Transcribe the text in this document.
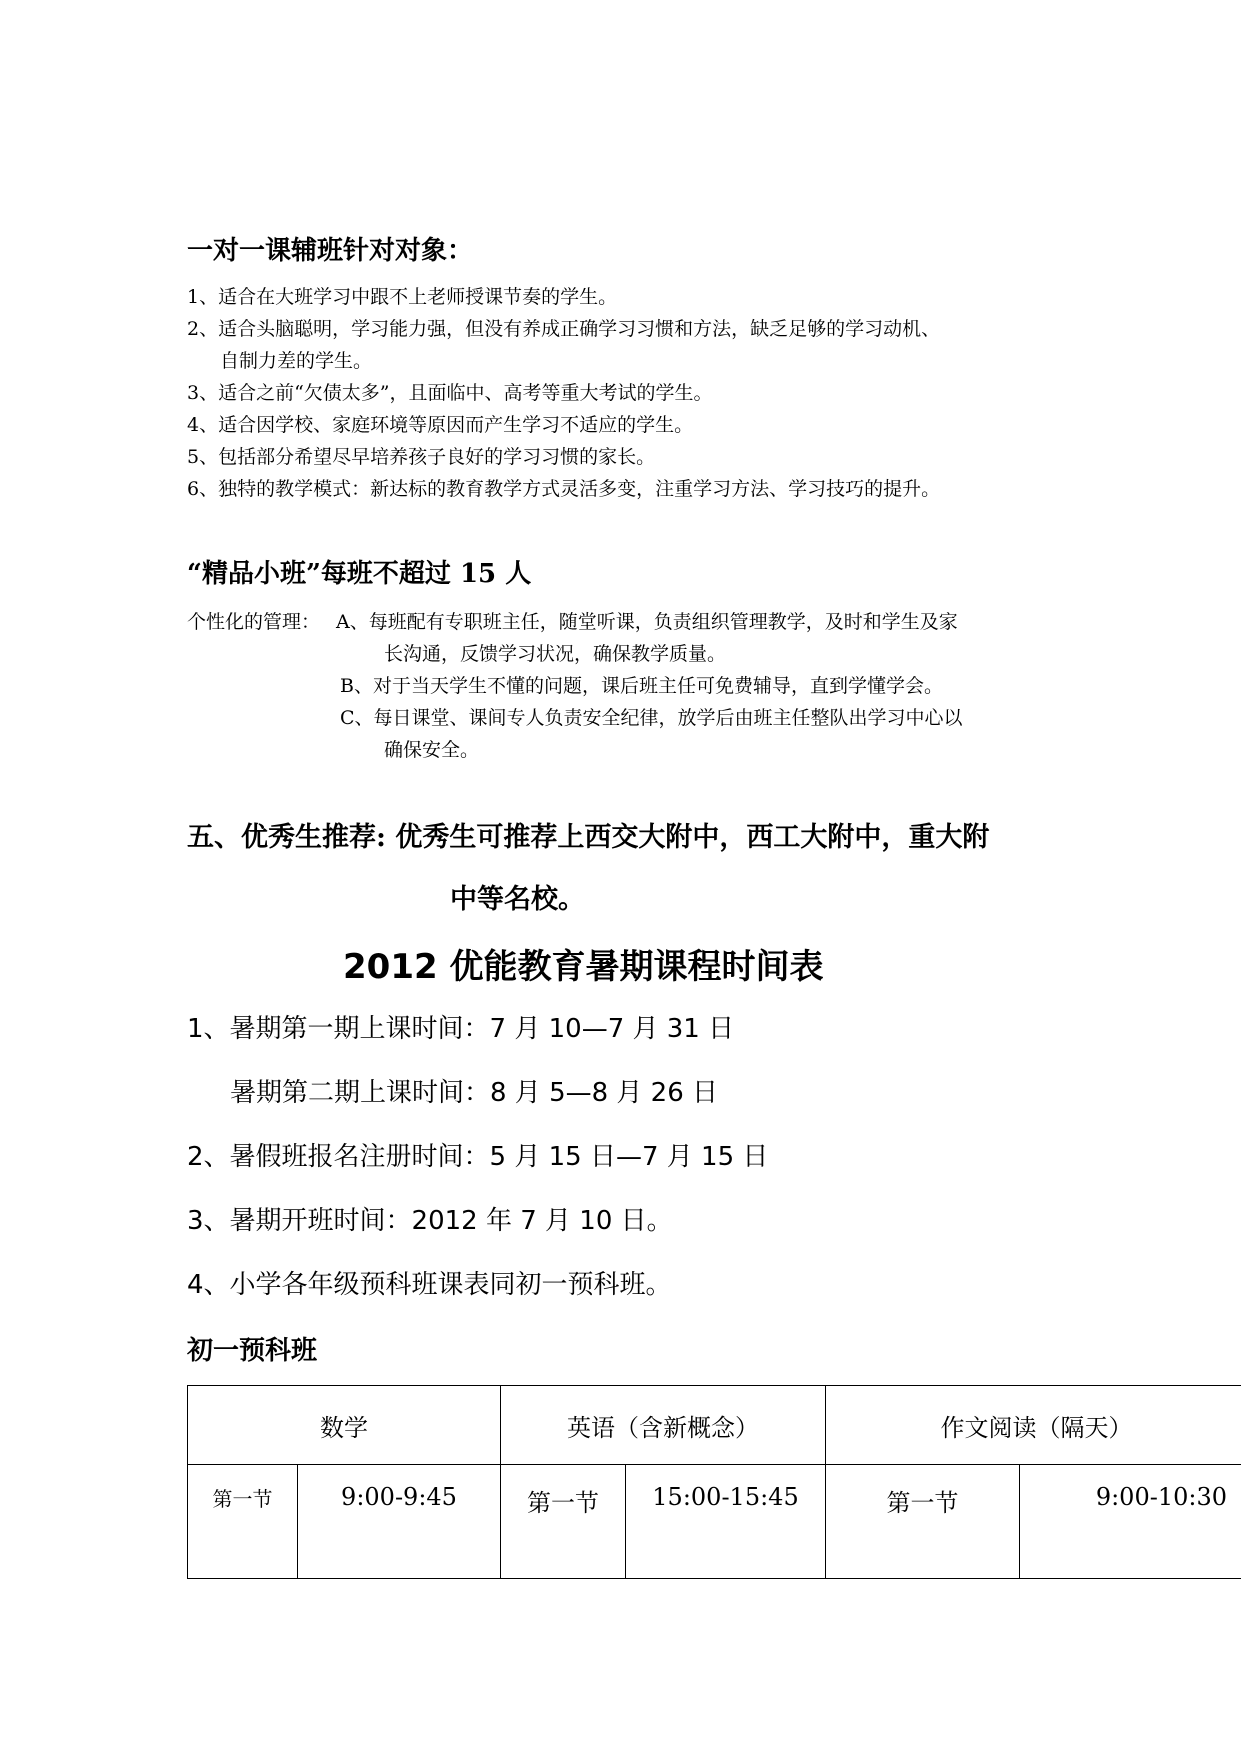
一对一课辅班针对对象：
1、适合在大班学习中跟不上老师授课节奏的学生。
2、适合头脑聪明，学习能力强，但没有养成正确学习习惯和方法，缺乏足够的学习动机、
自制力差的学生。
3、适合之前“欠债太多”，且面临中、高考等重大考试的学生。
4、适合因学校、家庭环境等原因而产生学习不适应的学生。
5、包括部分希望尽早培养孩子良好的学习习惯的家长。
6、独特的教学模式：新达标的教育教学方式灵活多变，注重学习方法、学习技巧的提升。
“精品小班”每班不超过 15 人
个性化的管理： A、每班配有专职班主任，随堂听课，负责组织管理教学，及时和学生及家
长沟通，反馈学习状况，确保教学质量。
B、对于当天学生不懂的问题，课后班主任可免费辅导，直到学懂学会。
C、每日课堂、课间专人负责安全纪律，放学后由班主任整队出学习中心以
确保安全。
五、优秀生推荐: 优秀生可推荐上西交大附中，西工大附中，重大附
中等名校。
2012 优能教育暑期课程时间表
1、暑期第一期上课时间：7 月 10—7 月 31 日
暑期第二期上课时间：8 月 5—8 月 26 日
2、暑假班报名注册时间：5 月 15 日—7 月 15 日
3、暑期开班时间：2012 年 7 月 10 日。
4、小学各年级预科班课表同初一预科班。
初一预科班
数学		英语（含新概念）		作文阅读（隔天）	
第一节	9:00-9:45	第一节	15:00-15:45	第一节	9:00-10:30
